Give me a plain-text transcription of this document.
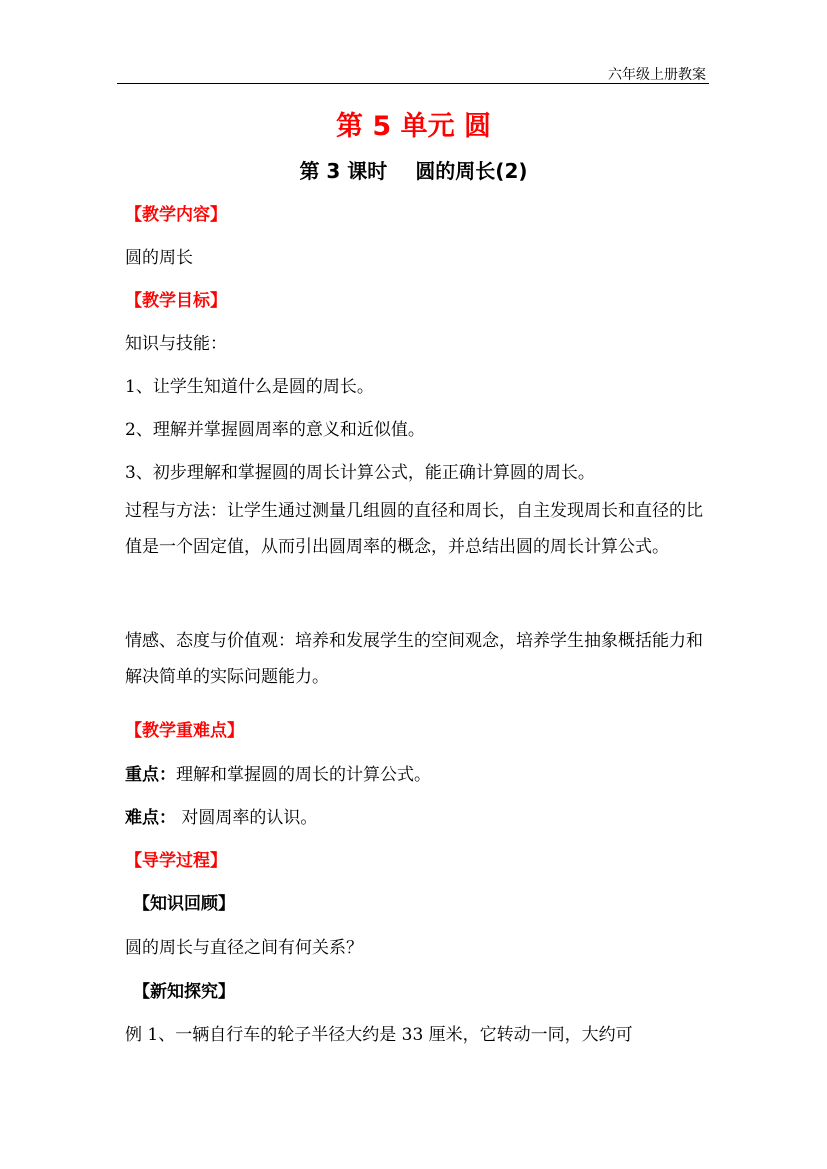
六年级上册教案
第 5 单元 圆
第 3 课时 圆的周长(2)
【教学内容】
圆的周长
【教学目标】
知识与技能：
1、让学生知道什么是圆的周长。
2、理解并掌握圆周率的意义和近似值。
3、初步理解和掌握圆的周长计算公式，能正确计算圆的周长。
过程与方法：让学生通过测量几组圆的直径和周长，自主发现周长和直径的比值是一个固定值，从而引出圆周率的概念，并总结出圆的周长计算公式。
情感、态度与价值观：培养和发展学生的空间观念，培养学生抽象概括能力和解决简单的实际问题能力。
【教学重难点】
重点：理解和掌握圆的周长的计算公式。
难点： 对圆周率的认识。
【导学过程】
【知识回顾】
圆的周长与直径之间有何关系？
【新知探究】
例 1、一辆自行车的轮子半径大约是 33 厘米，它转动一同，大约可
